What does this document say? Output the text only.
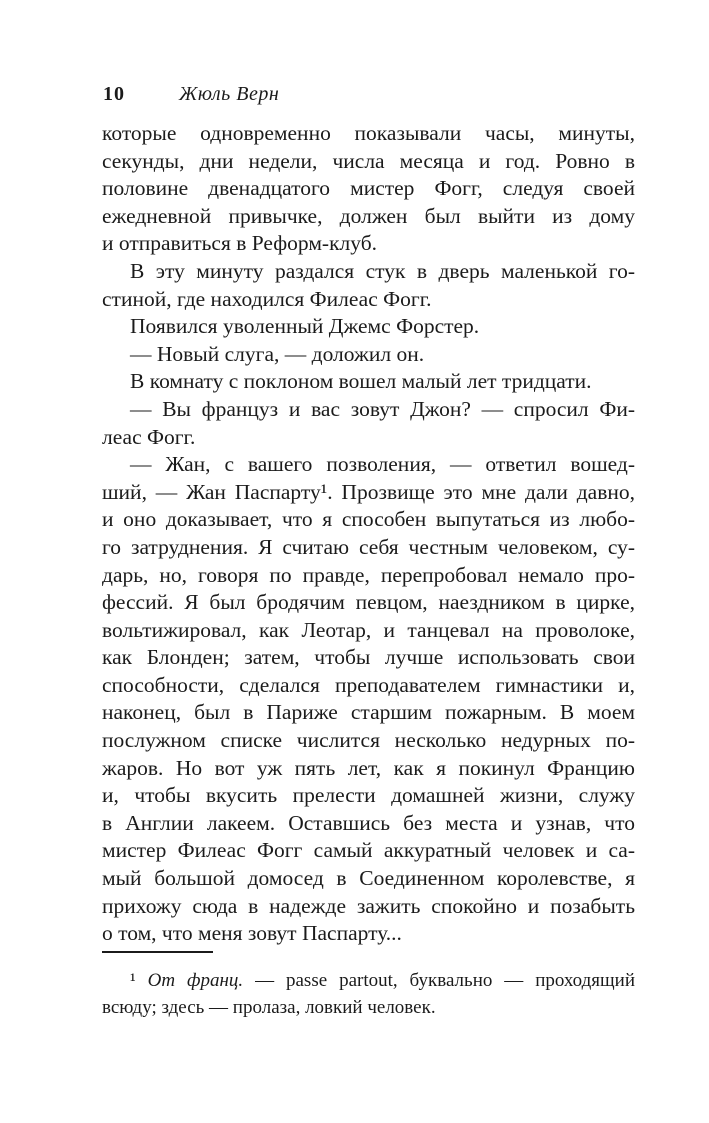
10	Жюль Верн
которые одновременно показывали часы, минуты,
секунды, дни недели, числа месяца и год. Ровно в
половине двенадцатого мистер Фогг, следуя своей
ежедневной привычке, должен был выйти из дому
и отправиться в Реформ-клуб.
В эту минуту раздался стук в дверь маленькой го-
стиной, где находился Филеас Фогг.
Появился уволенный Джемс Форстер.
— Новый слуга, — доложил он.
В комнату с поклоном вошел малый лет тридцати.
— Вы француз и вас зовут Джон? — спросил Фи-
леас Фогг.
— Жан, с вашего позволения, — ответил вошед-
ший, — Жан Паспарту¹. Прозвище это мне дали давно,
и оно доказывает, что я способен выпутаться из любо-
го затруднения. Я считаю себя честным человеком, су-
дарь, но, говоря по правде, перепробовал немало про-
фессий. Я был бродячим певцом, наездником в цирке,
вольтижировал, как Леотар, и танцевал на проволоке,
как Блонден; затем, чтобы лучше использовать свои
способности, сделался преподавателем гимнастики и,
наконец, был в Париже старшим пожарным. В моем
послужном списке числится несколько недурных по-
жаров. Но вот уж пять лет, как я покинул Францию
и, чтобы вкусить прелести домашней жизни, служу
в Англии лакеем. Оставшись без места и узнав, что
мистер Филеас Фогг самый аккуратный человек и са-
мый большой домосед в Соединенном королевстве, я
прихожу сюда в надежде зажить спокойно и позабыть
о том, что меня зовут Паспарту...
¹ От франц. — passe partout, буквально — проходящий
всюду; здесь — пролаза, ловкий человек.
